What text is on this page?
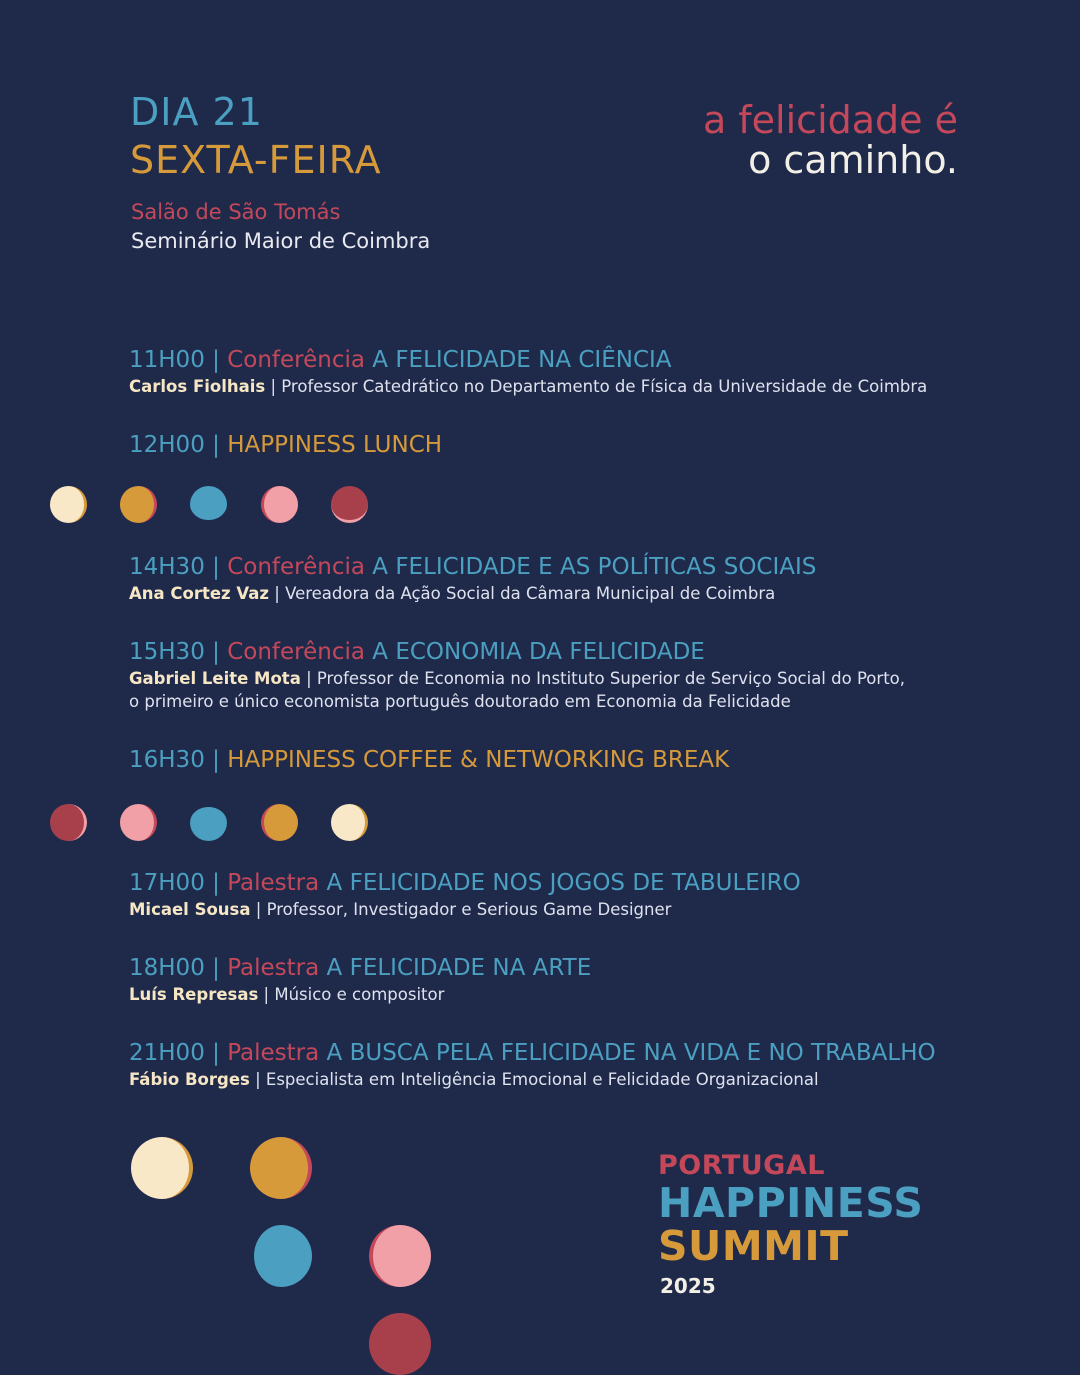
DIA 21
SEXTA-FEIRA
Salão de São Tomás
Seminário Maior de Coimbra
a felicidade é
o caminho.
11H00 | Conferência A FELICIDADE NA CIÊNCIA
Carlos Fiolhais | Professor Catedrático no Departamento de Física da Universidade de Coimbra
12H00 | HAPPINESS LUNCH
14H30 | Conferência A FELICIDADE E AS POLÍTICAS SOCIAIS
Ana Cortez Vaz | Vereadora da Ação Social da Câmara Municipal de Coimbra
15H30 | Conferência A ECONOMIA DA FELICIDADE
Gabriel Leite Mota | Professor de Economia no Instituto Superior de Serviço Social do Porto,
o primeiro e único economista português doutorado em Economia da Felicidade
16H30 | HAPPINESS COFFEE & NETWORKING BREAK
17H00 | Palestra A FELICIDADE NOS JOGOS DE TABULEIRO
Micael Sousa | Professor, Investigador e Serious Game Designer
18H00 | Palestra A FELICIDADE NA ARTE
Luís Represas | Músico e compositor
21H00 | Palestra A BUSCA PELA FELICIDADE NA VIDA E NO TRABALHO
Fábio Borges | Especialista em Inteligência Emocional e Felicidade Organizacional
PORTUGAL
HAPPINESS
SUMMIT
2025
